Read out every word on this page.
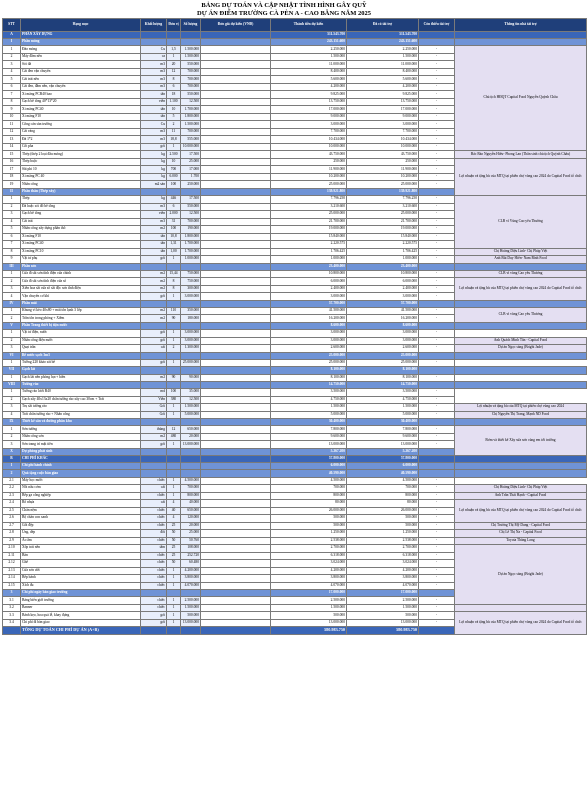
BẢNG DỰ TOÁN VÀ CẬP NHẬT TÌNH HÌNH GÂY QUỸ
DỰ ÁN ĐIỂM TRƯỜNG CÀ PÈN A - CAO BẰNG NĂM 2025
STT	Hạng mục	Khối lượng	Đơn vị	Số lượng	Đơn giá dự kiến (VNĐ)	Thành tiền dự kiến	Đã có tài trợ	Còn thiếu tài trợ	Thông tin nhà tài trợ	
A	PHẦN XÂY DỰNG					511.543.700	511.543.700			
I	Phần móng					243.151.600	243.151.600			
1	Đào móng	Cu	1,5	1.500.000		2.250.000	2.250.000	-	Chủ tịch HĐQT Capital Food Nguyễn Quỳnh Châu	
2	Máy đầm nền	ca	1	1.500.000		1.500.000	1.500.000	-		
3	Sỏi đá	m3	20	550.000		11.000.000	11.000.000	-		
4	Cát đen vận chuyển	m3	12	700.000		8.400.000	8.400.000	-		
5	Cát trát nền	m3	8	700.000		5.600.000	5.600.000	-		
6	Cát đen, đầm nền, vận chuyển	m3	6	700.000		4.200.000	4.200.000	-		
7	Xi măng PCB40 bao	tấn	18	550.000		9.825.000	9.825.000	-		
8	Gạch bê tông 40*13*20	viên	1.100	12.500		13.750.000	13.750.000	-		
9	Xi măng PC40	tấn	10	1.700.000		17.000.000	17.000.000	-		
10	Xi măng F10	tấn	5	1.800.000		9.000.000	9.000.000	-		
11	Công cán sàn trường	Cu	2	1.500.000		3.000.000	3.000.000	-		
12	Cát vàng	m3	11	700.000		7.700.000	7.700.000	-		
13	Đá 1*2	m3	18,8	555.000		10.434.000	10.434.000	-		
14	Cốt pha	gói	1	10.000.000		10.000.000	10.000.000	-		
15	Thép (thép 2 loại đầu móng)	kg	2.500	17.500		43.750.000	43.750.000	-	Bác Bảo Nguyễn Hiếu- Phong Lan (Thân sinh chủ tịch Quỳnh Châu)	
16	Thép buộc	kg	10	25.000		250.000	250.000	-	Lợi nhuận và tặng bù của MTQ tại phiên chợ vùng cao 2024 do Capital Food tổ chức	
17	Sắt phi 10	kg	700	17.000		11.900.000	11.900.000	-		
18	Xi măng PC 40	kg	6.000	1.700		10.200.000	10.200.000	-		
19	Nhân công	m2 sàn	100	250.000		25.000.000	25.000.000	-		
II	Phần thân (Thép xây)					139.921.800	139.921.800			
1	Thép	kg	446	17.500		7.796.250	7.796.250	-	CLB vì Vùng Cao yêu Thương	
2	Đá hoặc sỏi đổ bê tông	m3	6	550.000		3.210.600	3.210.600	-		
3	Gạch bê tông	viên	2.000	12.500		25.000.000	25.000.000	-		
4	Cát trát	m3	31	700.000		21.700.000	21.700.000	-		
5	Nhân công xây dựng phần thô	m2	100	190.000		19.000.000	19.000.000	-		
6	Xi măng F10	tấn	10,8	1.800.000		15.840.000	15.840.000	-		
7	Xi măng PC40	tấn	1,31	1.700.000		2.220.575	2.220.575	-		
8	Xi măng PC10	tấn	1,00	1.700.000		1.706.425	1.706.425	-	Chị Hoàng Diệu Linh- Chị Pháp Việt	
9	Vật tư phụ	gói	1	1.000.000		1.000.000	1.000.000	-	Anh Bùi Duy Hiển- Nam Bình Food	
III	Phần sơn					23.400.000	23.400.000			
1	Cửa đi sắt sơn tĩnh điện cửa chính	m2	15,44	750.000		10.800.000	10.800.000	-	CLB vì vùng Cao yêu Thương	
2	Cửa đi sắt sơn tĩnh điện cửa sổ	m2	8	750.000		6.000.000	6.000.000	-	Lợi nhuận và tặng bù của MTQ tại phiên chợ vùng cao 2024 do Capital Food tổ chức	
3	Xiên hoa sắt cửa sổ sắt độc sơn tĩnh điện	m2	8	300.000		2.400.000	2.400.000	-		
4	Vận chuyển cơ khí	gói	1	3.000.000		3.000.000	3.000.000	-		
IV	Phần mái					57.700.000	57.700.000			
1	Khung vì kèo 40x80 + mái tôn lạnh 3 lớp	m2	110	350.000		41.500.000	41.500.000	-	CLB vì vùng Cao yêu Thương	
2	Trần tôn trong phòng + Xiềm	m2	90	180.000		16.200.000	16.200.000	-		
V	Phần Trang thiết bị tiện nước					8.600.000	8.600.000			
1	Vật tư điện, nước	gói	1	3.000.000		3.000.000	3.000.000	-		
2	Nhân công điện nước	gói	1	3.000.000		3.000.000	3.000.000	-	Anh Quách Minh Tân - Capital Food	
3	Quạt trần	cái	2	1.300.000		2.600.000	2.600.000	-	Dự án Ngọc sáng (Bright Jade)	
VI	Bể nước sạch 3m3					25.000.000	25.000.000			
1	Tường 220 khảo sát bể	gói	1	25.000.000		25.000.000	25.000.000	-		
VII	Gạch lát					8.100.000	8.100.000			
1	Gạch lát nền phòng học+ hiên	m2	90	90.000		8.100.000	8.100.000	-		
VIII	Tường rào					14.750.000	14.750.000			
1	Tường rào lưới B40	md	100	35.000		3.500.000	3.500.000	-		
2	Gạch xây 40x13x20 chân tường rào xây cao 30cm + Trát	Viên	380	12.500		4.750.000	4.750.000	-		
3	Trụ sắt tường rào	Gói	1	1.500.000		1.500.000	1.500.000	-	Lợi nhuận và tặng bù của MTQ tại phiên chợ vùng cao 2024	
4	Trát chân tường rào + Nhân công	Gói	1	5.000.000		5.000.000	5.000.000	-	Chị Nguyễn Thị Trang, Mạnh ND Food	
IX	Thiết kế sân và đường phân khu					30.400.000	30.400.000			
1	Sơn tường	thùng	12	650.000		7.800.000	7.800.000	-	Bơm và thiết kế Xây sửa sơn cùng em tới trường	
2	Nhân công sơn	m2	480	20.000		9.600.000	9.600.000	-		
3	Sơn trang trí mặt tiền	gói	1	13.000.000		13.000.000	13.000.000	-		
X	Dự phòng phát sinh					5.267.200	5.267.200			
B	CHI PHÍ KHÁC					57.800.000	57.800.000			
1	Chi phí hành chính					6.000.000	6.000.000			
2	Quà tặng cuộc bàn giao					40.590.000	40.590.000			
2.1	Máy học nước	chiếc	1	4.500.000		4.500.000	4.500.000	-		
2.2	Nồi nấu cơm	cái	1	700.000		700.000	700.000	-	Chị Hoàng Diệu Linh- Chị Pháp Việt	
2.3	Bếp ga công nghiệp	chiếc	1	800.000		800.000	800.000	-	Anh Trần Thái Hạnh - Capital Food	
2.4	Rổ nhựa	cái	4	40.000		80.000	80.000	-	Lợi nhuận và tặng bù của MTQ tại phiên chợ vùng cao 2024 do Capital Food tổ chức	
2.5	Chăn nệm	chiếc	40	650.000		26.000.000	26.000.000	-		
2.6	Bộ chăn con xanh	chiếc	4	120.000		500.000	500.000	-		
2.7	Gối đệp	chiếc	25	20.000		500.000	500.000	-	Chị Trương Thị Mỹ Dung - Capital Food	
2.8	Ủng, dép	đôi	50	25.000		1.250.000	1.250.000	-	Chị Lê Thị Na - Capital Food	
2.9	Áo ấm	chiếc	50	50.760		2.538.000	2.538.000	-	Toyota Thăng Long	
2.10	Xốp trải nền	tấm	25	108.000		2.700.000	2.700.000	-	Dự án Ngọc sáng (Bright Jade)	
2.11	Bàn	chiếc	25	252.720		6.318.000	6.318.000	-		
2.12	Ghế	chiếc	50	60.480		3.024.000	3.024.000	-		
2.13	Cửa sơn ướt	chiếc	1	4.200.000		4.200.000	4.200.000	-		
2.14	Bếp bánh	chiếc	1	3.800.000		3.800.000	3.800.000	-		
2.15	Xích đu	chiếc	1	4.070.000		4.070.000	4.070.000	-		
3	Chi phí ngày bàn giao trường					17.000.000	17.000.000			
3.1	Bảng biển giới trường	chiếc	1	2.500.000		2.500.000	2.500.000	-		
3.2	Banner	chiếc	1	1.500.000		1.500.000	1.500.000	-		
3.3	Bánh kẹo, hoa quả lễ, khay đựng	gói	1	500.000		500.000	500.000	-	Lợi nhuận và tặng bù của MTQ tại phiên chợ vùng cao 2024 do Capital Food tổ chức	
3.4	Chi phí đi bàn giao	gói	1	13.000.000		13.000.000	13.000.000	-		
	TỔNG DỰ TOÁN CHI PHÍ DỰ ÁN (A+B)					580.983.750	580.983.750			
